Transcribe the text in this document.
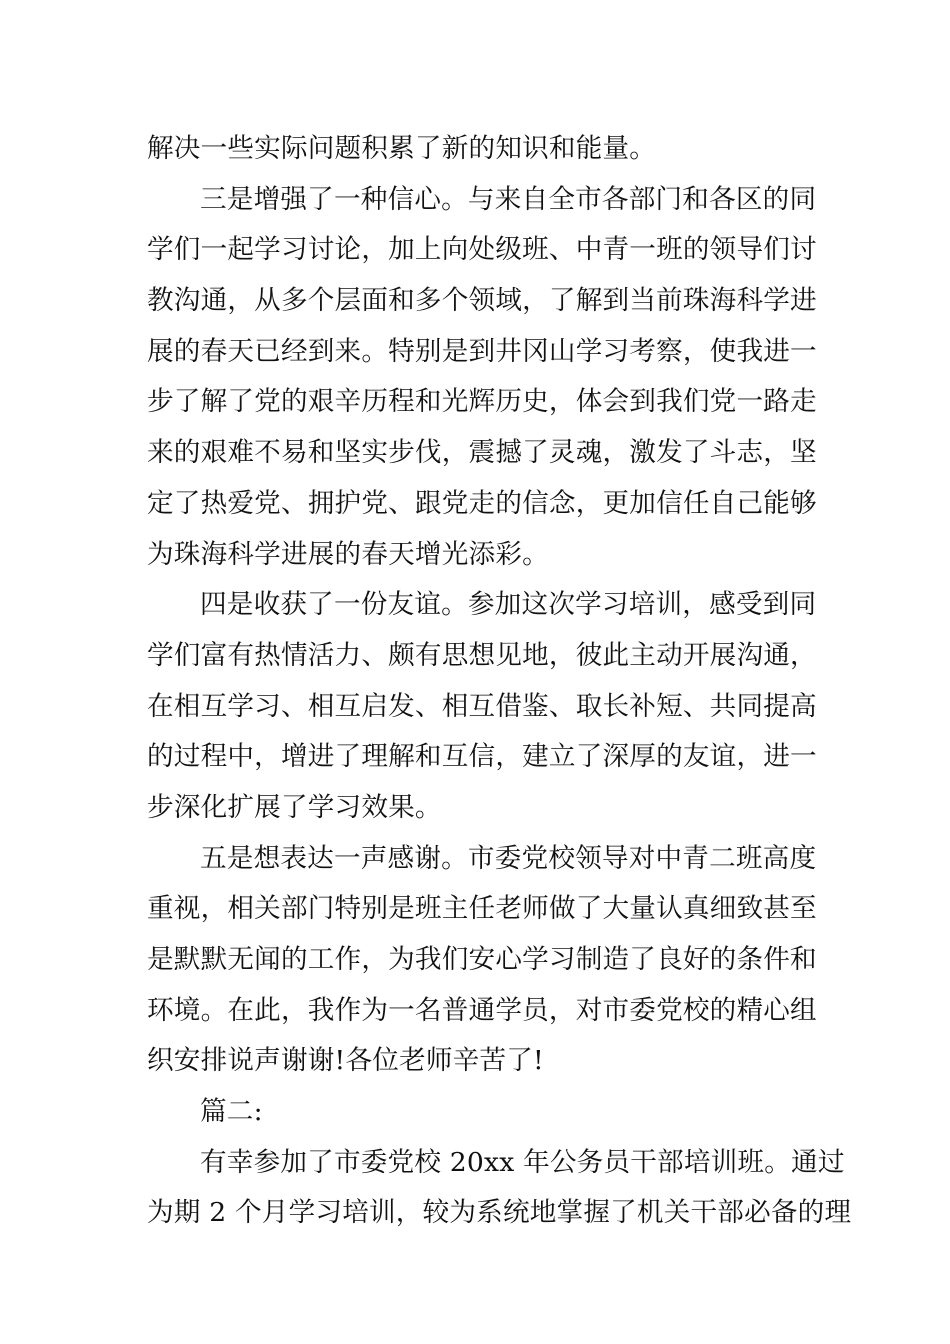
解决一些实际问题积累了新的知识和能量。
三是增强了一种信心。与来自全市各部门和各区的同
学们一起学习讨论，加上向处级班、中青一班的领导们讨
教沟通，从多个层面和多个领域，了解到当前珠海科学进
展的春天已经到来。特别是到井冈山学习考察，使我进一
步了解了党的艰辛历程和光辉历史，体会到我们党一路走
来的艰难不易和坚实步伐，震撼了灵魂，激发了斗志，坚
定了热爱党、拥护党、跟党走的信念，更加信任自己能够
为珠海科学进展的春天增光添彩。
四是收获了一份友谊。参加这次学习培训，感受到同
学们富有热情活力、颇有思想见地，彼此主动开展沟通，
在相互学习、相互启发、相互借鉴、取长补短、共同提高
的过程中，增进了理解和互信，建立了深厚的友谊，进一
步深化扩展了学习效果。
五是想表达一声感谢。市委党校领导对中青二班高度
重视，相关部门特别是班主任老师做了大量认真细致甚至
是默默无闻的工作，为我们安心学习制造了良好的条件和
环境。在此，我作为一名普通学员，对市委党校的精心组
织安排说声谢谢!各位老师辛苦了!
篇二:
有幸参加了市委党校 20xx 年公务员干部培训班。通过
为期 2 个月学习培训，较为系统地掌握了机关干部必备的理
